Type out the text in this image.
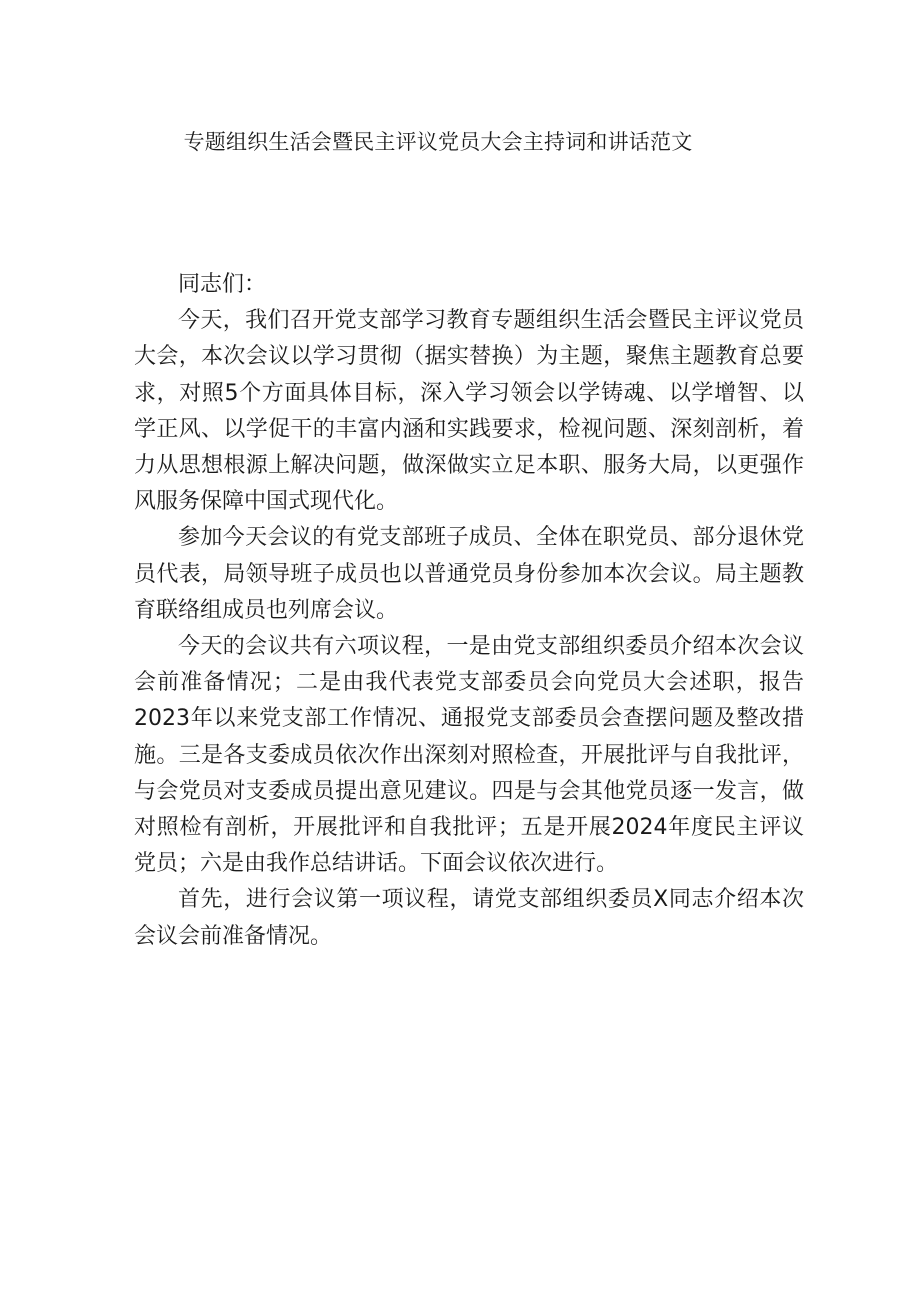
专题组织生活会暨民主评议党员大会主持词和讲话范文

同志们：

今天，我们召开党支部学习教育专题组织生活会暨民主评议党员大会，本次会议以学习贯彻（据实替换）为主题，聚焦主题教育总要求，对照5个方面具体目标，深入学习领会以学铸魂、以学增智、以学正风、以学促干的丰富内涵和实践要求，检视问题、深刻剖析，着力从思想根源上解决问题，做深做实立足本职、服务大局，以更强作风服务保障中国式现代化。

参加今天会议的有党支部班子成员、全体在职党员、部分退休党员代表，局领导班子成员也以普通党员身份参加本次会议。局主题教育联络组成员也列席会议。

今天的会议共有六项议程，一是由党支部组织委员介绍本次会议会前准备情况；二是由我代表党支部委员会向党员大会述职，报告2023年以来党支部工作情况、通报党支部委员会查摆问题及整改措施。三是各支委成员依次作出深刻对照检查，开展批评与自我批评，与会党员对支委成员提出意见建议。四是与会其他党员逐一发言，做对照检有剖析，开展批评和自我批评；五是开展2024年度民主评议党员；六是由我作总结讲话。下面会议依次进行。

首先，进行会议第一项议程，请党支部组织委员X同志介绍本次会议会前准备情况。
